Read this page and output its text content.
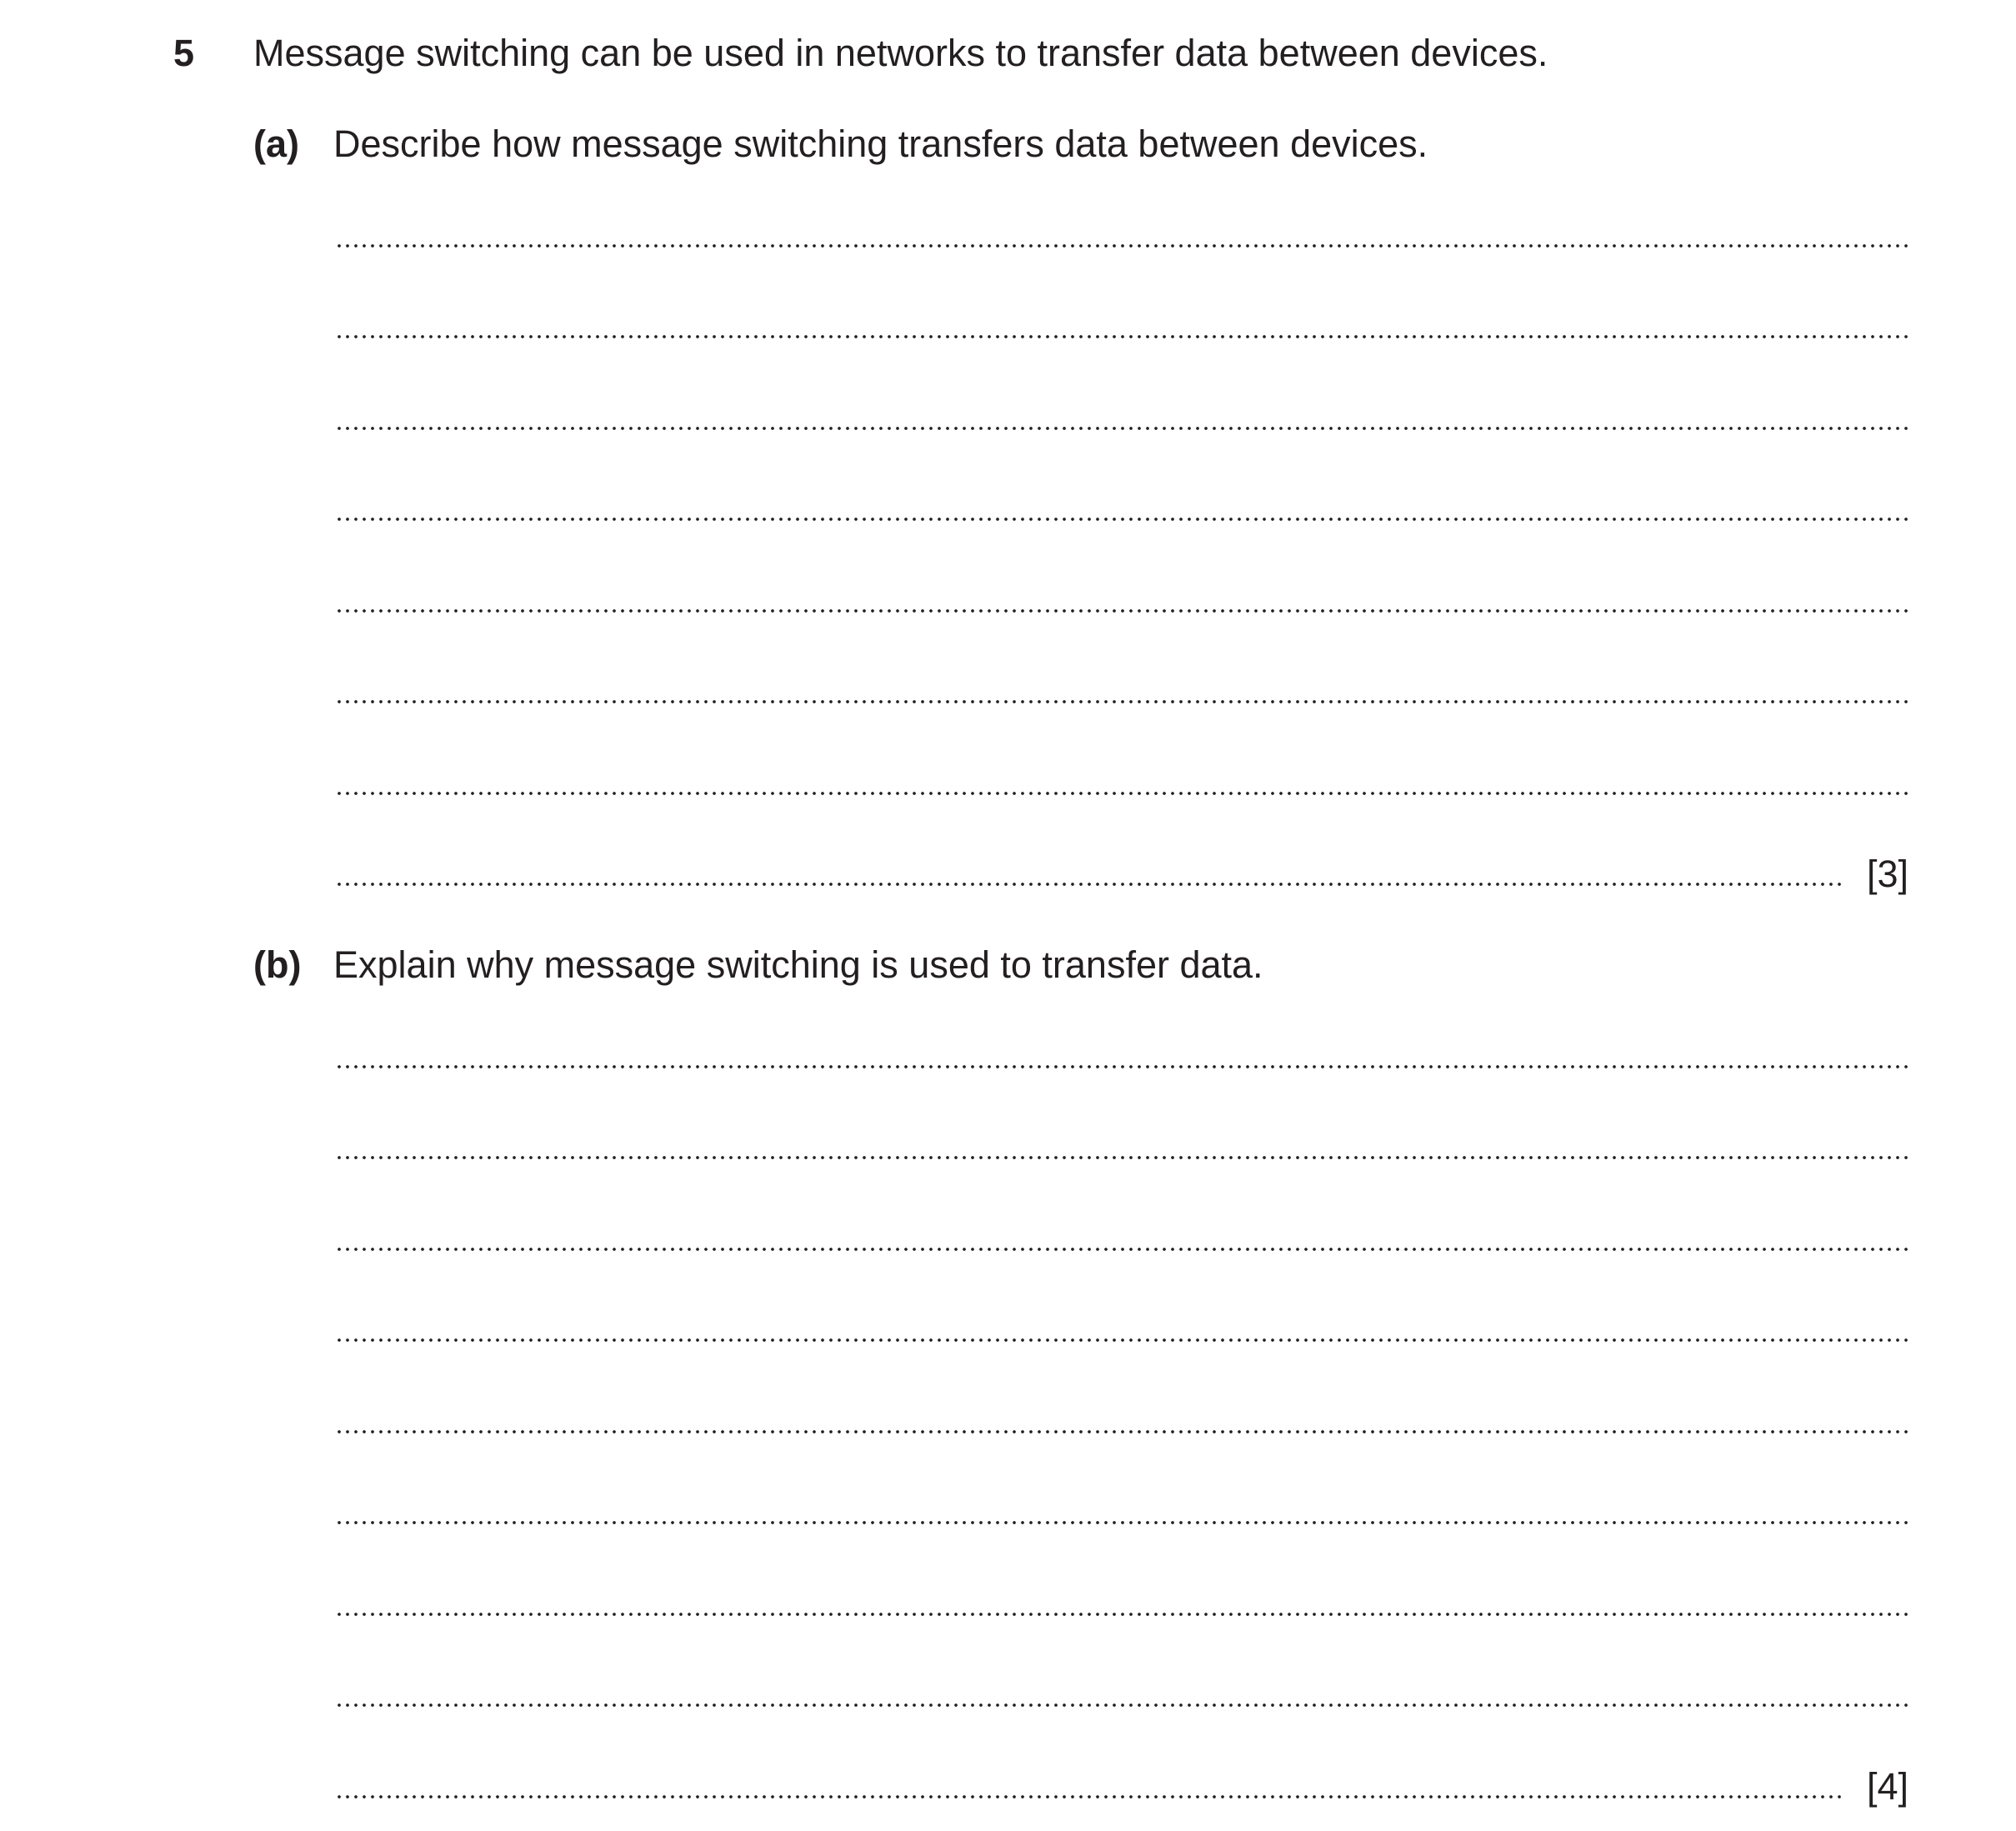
5 Message switching can be used in networks to transfer data between devices.
(a) Describe how message switching transfers data between devices.
[3]
(b) Explain why message switching is used to transfer data.
[4]
